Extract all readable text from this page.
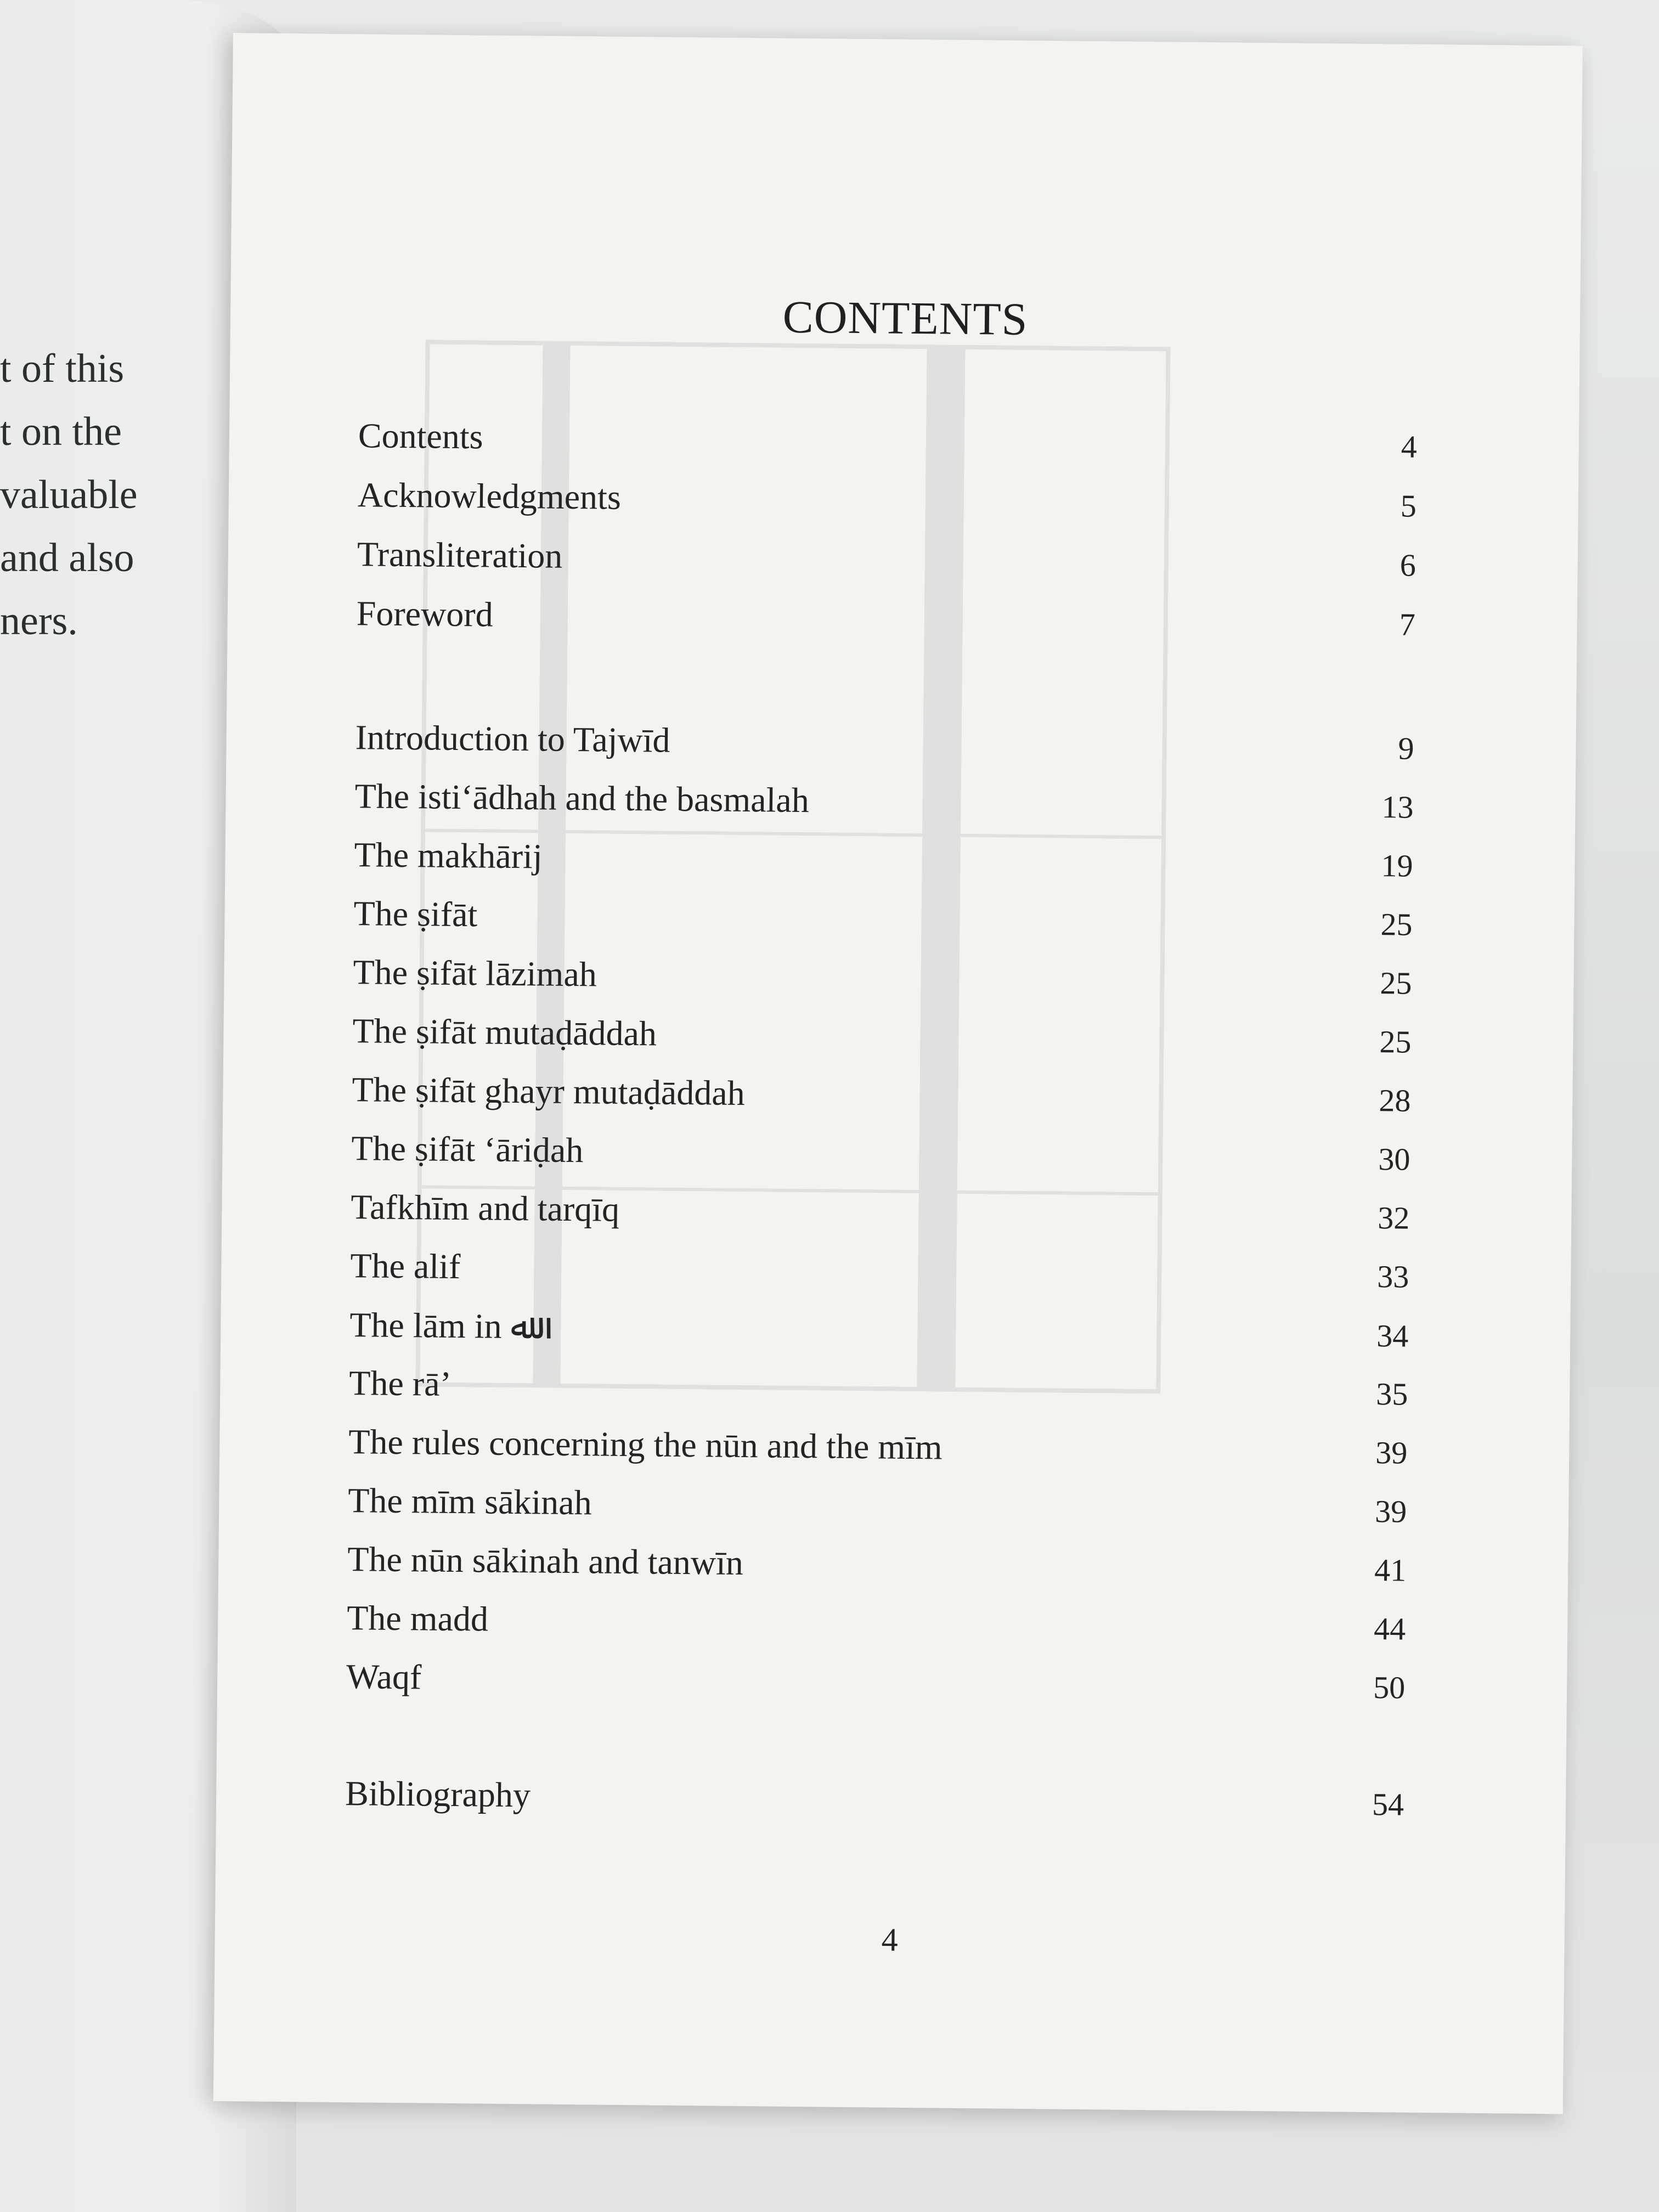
t of this
t on the
valuable
and also
ners.
CONTENTS
Contents	4
Acknowledgments	5
Transliteration	6
Foreword	7
Introduction to Tajwīd	9
The isti‘ādhah and the basmalah	13
The makhārij	19
The ṣifāt	25
The ṣifāt lāzimah	25
The ṣifāt mutaḍāddah	25
The ṣifāt ghayr mutaḍāddah	28
The ṣifāt ‘āriḍah	30
Tafkhīm and tarqīq	32
The alif	33
The lām in ﷲ	34
The rā’	35
The rules concerning the nūn and the mīm	39
The mīm sākinah	39
The nūn sākinah and tanwīn	41
The madd	44
Waqf	50
Bibliography	54
4
